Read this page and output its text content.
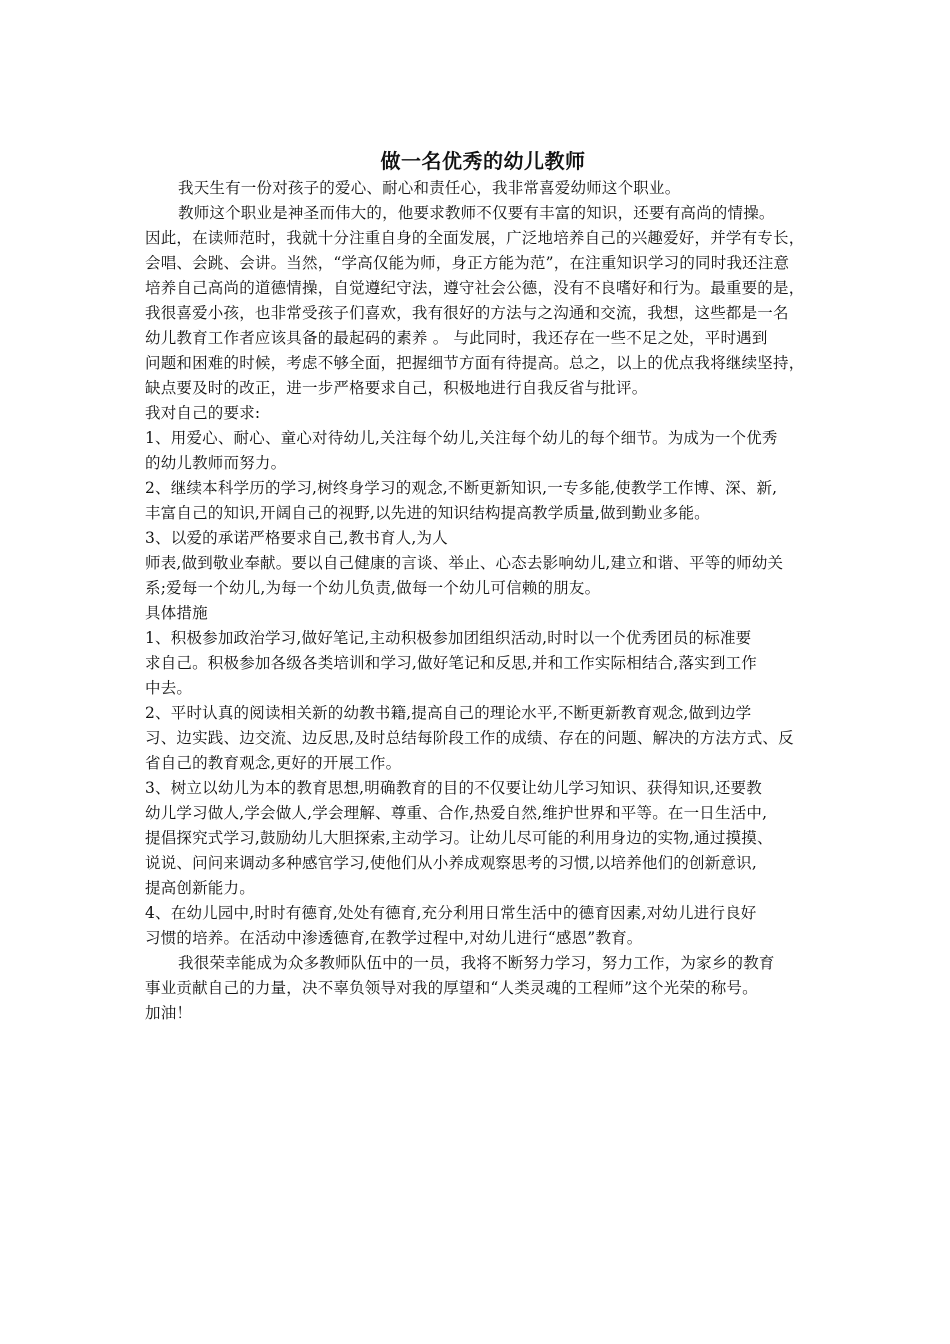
做一名优秀的幼儿教师

我天生有一份对孩子的爱心、耐心和责任心，我非常喜爱幼师这个职业。

教师这个职业是神圣而伟大的，他要求教师不仅要有丰富的知识，还要有高尚的情操。

因此，在读师范时，我就十分注重自身的全面发展，广泛地培养自己的兴趣爱好，并学有专长，

会唱、会跳、会讲。当然，“学高仅能为师，身正方能为范”，在注重知识学习的同时我还注意

培养自己高尚的道德情操，自觉遵纪守法，遵守社会公德，没有不良嗜好和行为。最重要的是，

我很喜爱小孩，也非常受孩子们喜欢，我有很好的方法与之沟通和交流，我想，这些都是一名

幼儿教育工作者应该具备的最起码的素养 。 与此同时，我还存在一些不足之处，平时遇到

问题和困难的时候，考虑不够全面，把握细节方面有待提高。总之，以上的优点我将继续坚持，

缺点要及时的改正，进一步严格要求自己，积极地进行自我反省与批评。

我对自己的要求:

1、用爱心、耐心、童心对待幼儿,关注每个幼儿,关注每个幼儿的每个细节。为成为一个优秀

的幼儿教师而努力。

2、继续本科学历的学习,树终身学习的观念,不断更新知识,一专多能,使教学工作博、深、新,

丰富自己的知识,开阔自己的视野,以先进的知识结构提高教学质量,做到勤业多能。

3、以爱的承诺严格要求自己,教书育人,为人

师表,做到敬业奉献。要以自己健康的言谈、举止、心态去影响幼儿,建立和谐、平等的师幼关

系;爱每一个幼儿,为每一个幼儿负责,做每一个幼儿可信赖的朋友。

具体措施

1、积极参加政治学习,做好笔记,主动积极参加团组织活动,时时以一个优秀团员的标准要

求自己。积极参加各级各类培训和学习,做好笔记和反思,并和工作实际相结合,落实到工作

中去。

2、平时认真的阅读相关新的幼教书籍,提高自己的理论水平,不断更新教育观念,做到边学

习、边实践、边交流、边反思,及时总结每阶段工作的成绩、存在的问题、解决的方法方式、反

省自己的教育观念,更好的开展工作。

3、树立以幼儿为本的教育思想,明确教育的目的不仅要让幼儿学习知识、获得知识,还要教

幼儿学习做人,学会做人,学会理解、尊重、合作,热爱自然,维护世界和平等。在一日生活中,

提倡探究式学习,鼓励幼儿大胆探索,主动学习。让幼儿尽可能的利用身边的实物,通过摸摸、

说说、问问来调动多种感官学习,使他们从小养成观察思考的习惯,以培养他们的创新意识,

提高创新能力。

4、在幼儿园中,时时有德育,处处有德育,充分利用日常生活中的德育因素,对幼儿进行良好

习惯的培养。在活动中渗透德育,在教学过程中,对幼儿进行“感恩”教育。

我很荣幸能成为众多教师队伍中的一员，我将不断努力学习，努力工作，为家乡的教育

事业贡献自己的力量，决不辜负领导对我的厚望和“人类灵魂的工程师”这个光荣的称号。

加油！
